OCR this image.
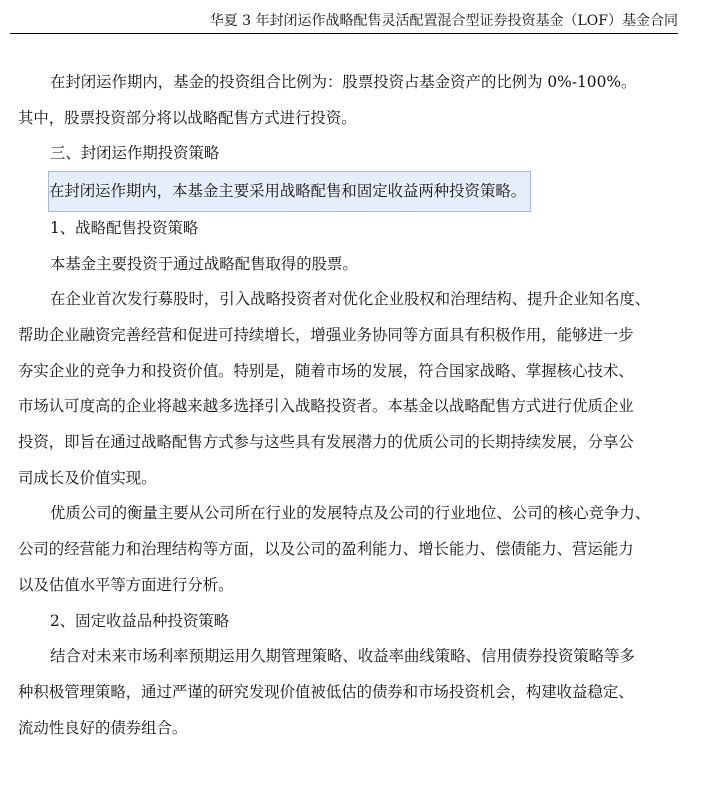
华夏 3 年封闭运作战略配售灵活配置混合型证券投资基金（LOF）基金合同

在封闭运作期内，基金的投资组合比例为：股票投资占基金资产的比例为 0%-100%。

其中，股票投资部分将以战略配售方式进行投资。

三、封闭运作期投资策略

在封闭运作期内，本基金主要采用战略配售和固定收益两种投资策略。

1、战略配售投资策略

本基金主要投资于通过战略配售取得的股票。

在企业首次发行募股时，引入战略投资者对优化企业股权和治理结构、提升企业知名度、

帮助企业融资完善经营和促进可持续增长，增强业务协同等方面具有积极作用，能够进一步

夯实企业的竞争力和投资价值。特别是，随着市场的发展，符合国家战略、掌握核心技术、

市场认可度高的企业将越来越多选择引入战略投资者。本基金以战略配售方式进行优质企业

投资，即旨在通过战略配售方式参与这些具有发展潜力的优质公司的长期持续发展，分享公

司成长及价值实现。

优质公司的衡量主要从公司所在行业的发展特点及公司的行业地位、公司的核心竞争力、

公司的经营能力和治理结构等方面，以及公司的盈利能力、增长能力、偿债能力、营运能力

以及估值水平等方面进行分析。

2、固定收益品种投资策略

结合对未来市场利率预期运用久期管理策略、收益率曲线策略、信用债券投资策略等多

种积极管理策略，通过严谨的研究发现价值被低估的债券和市场投资机会，构建收益稳定、

流动性良好的债券组合。
